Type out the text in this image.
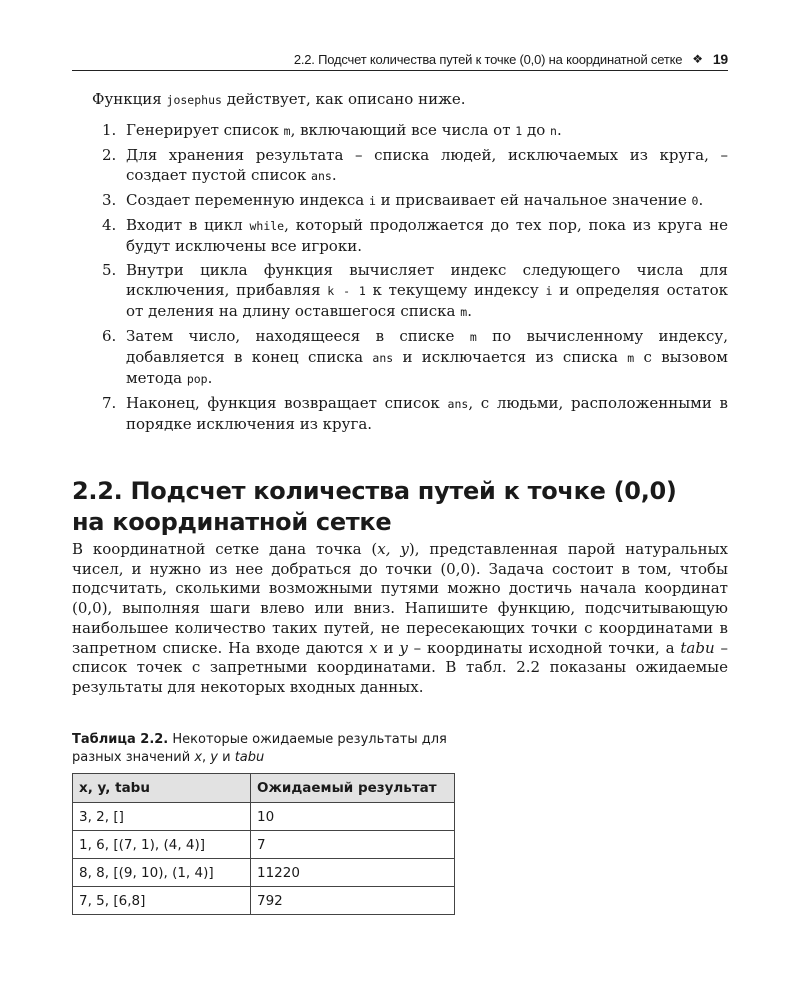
2.2. Подсчет количества путей к точке (0,0) на координатной сетке ❖ 19
Функция josephus действует, как описано ниже.
1. Генерирует список m, включающий все числа от 1 до n.
2. Для хранения результата – списка людей, исключаемых из круга, – создает пустой список ans.
3. Создает переменную индекса i и присваивает ей начальное значение 0.
4. Входит в цикл while, который продолжается до тех пор, пока из круга не будут исключены все игроки.
5. Внутри цикла функция вычисляет индекс следующего числа для исключения, прибавляя k - 1 к текущему индексу i и определяя остаток от деления на длину оставшегося списка m.
6. Затем число, находящееся в списке m по вычисленному индексу, добавляется в конец списка ans и исключается из списка m с вызовом метода pop.
7. Наконец, функция возвращает список ans, с людьми, расположенными в порядке исключения из круга.
2.2. Подсчет количества путей к точке (0,0)
на координатной сетке

В координатной сетке дана точка (x, y), представленная парой натуральных чисел, и нужно из нее добраться до точки (0,0). Задача состоит в том, чтобы подсчитать, сколькими возможными путями можно достичь начала координат (0,0), выполняя шаги влево или вниз. Напишите функцию, подсчитывающую наибольшее количество таких путей, не пересекающих точки с координатами в запретном списке. На входе даются x и y – координаты исходной точки, а tabu – список точек с запретными координатами. В табл. 2.2 показаны ожидаемые результаты для некоторых входных данных.

Таблица 2.2. Некоторые ожидаемые результаты для разных значений x, y и tabu
x, y, tabu	Ожидаемый результат
3, 2, []	10
1, 6, [(7, 1), (4, 4)]	7
8, 8, [(9, 10), (1, 4)]	11220
7, 5, [6,8]	792
